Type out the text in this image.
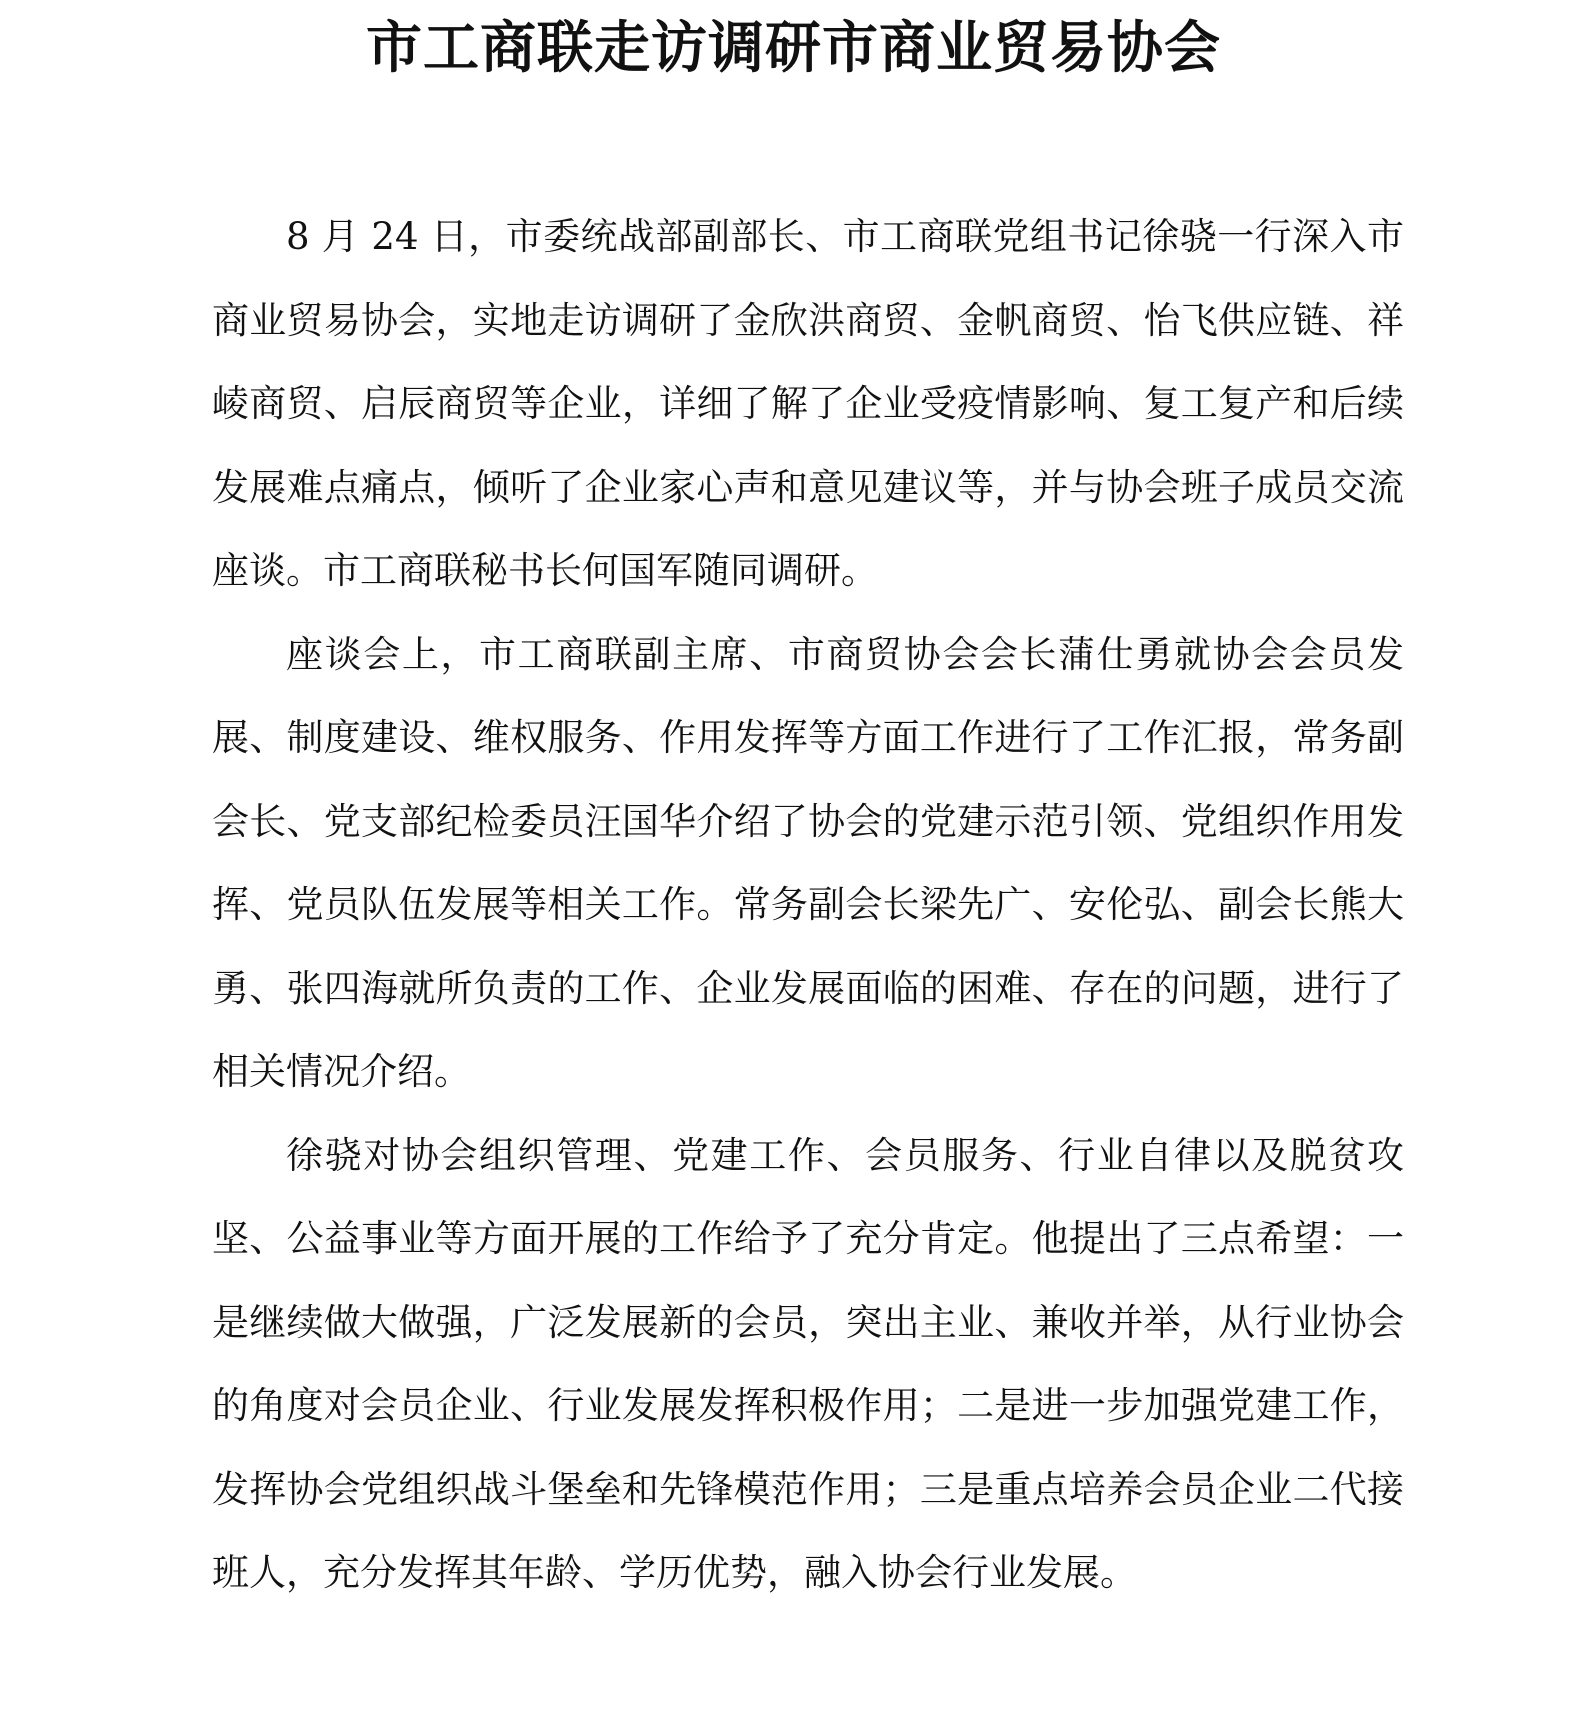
市工商联走访调研市商业贸易协会

8 月 24 日，市委统战部副部长、市工商联党组书记徐骁一行深入市商业贸易协会，实地走访调研了金欣洪商贸、金帆商贸、怡飞供应链、祥崚商贸、启辰商贸等企业，详细了解了企业受疫情影响、复工复产和后续发展难点痛点，倾听了企业家心声和意见建议等，并与协会班子成员交流座谈。市工商联秘书长何国军随同调研。

座谈会上，市工商联副主席、市商贸协会会长蒲仕勇就协会会员发展、制度建设、维权服务、作用发挥等方面工作进行了工作汇报，常务副会长、党支部纪检委员汪国华介绍了协会的党建示范引领、党组织作用发挥、党员队伍发展等相关工作。常务副会长梁先广、安伦弘、副会长熊大勇、张四海就所负责的工作、企业发展面临的困难、存在的问题，进行了相关情况介绍。

徐骁对协会组织管理、党建工作、会员服务、行业自律以及脱贫攻坚、公益事业等方面开展的工作给予了充分肯定。他提出了三点希望：一是继续做大做强，广泛发展新的会员，突出主业、兼收并举，从行业协会的角度对会员企业、行业发展发挥积极作用；二是进一步加强党建工作，发挥协会党组织战斗堡垒和先锋模范作用；三是重点培养会员企业二代接班人，充分发挥其年龄、学历优势，融入协会行业发展。
